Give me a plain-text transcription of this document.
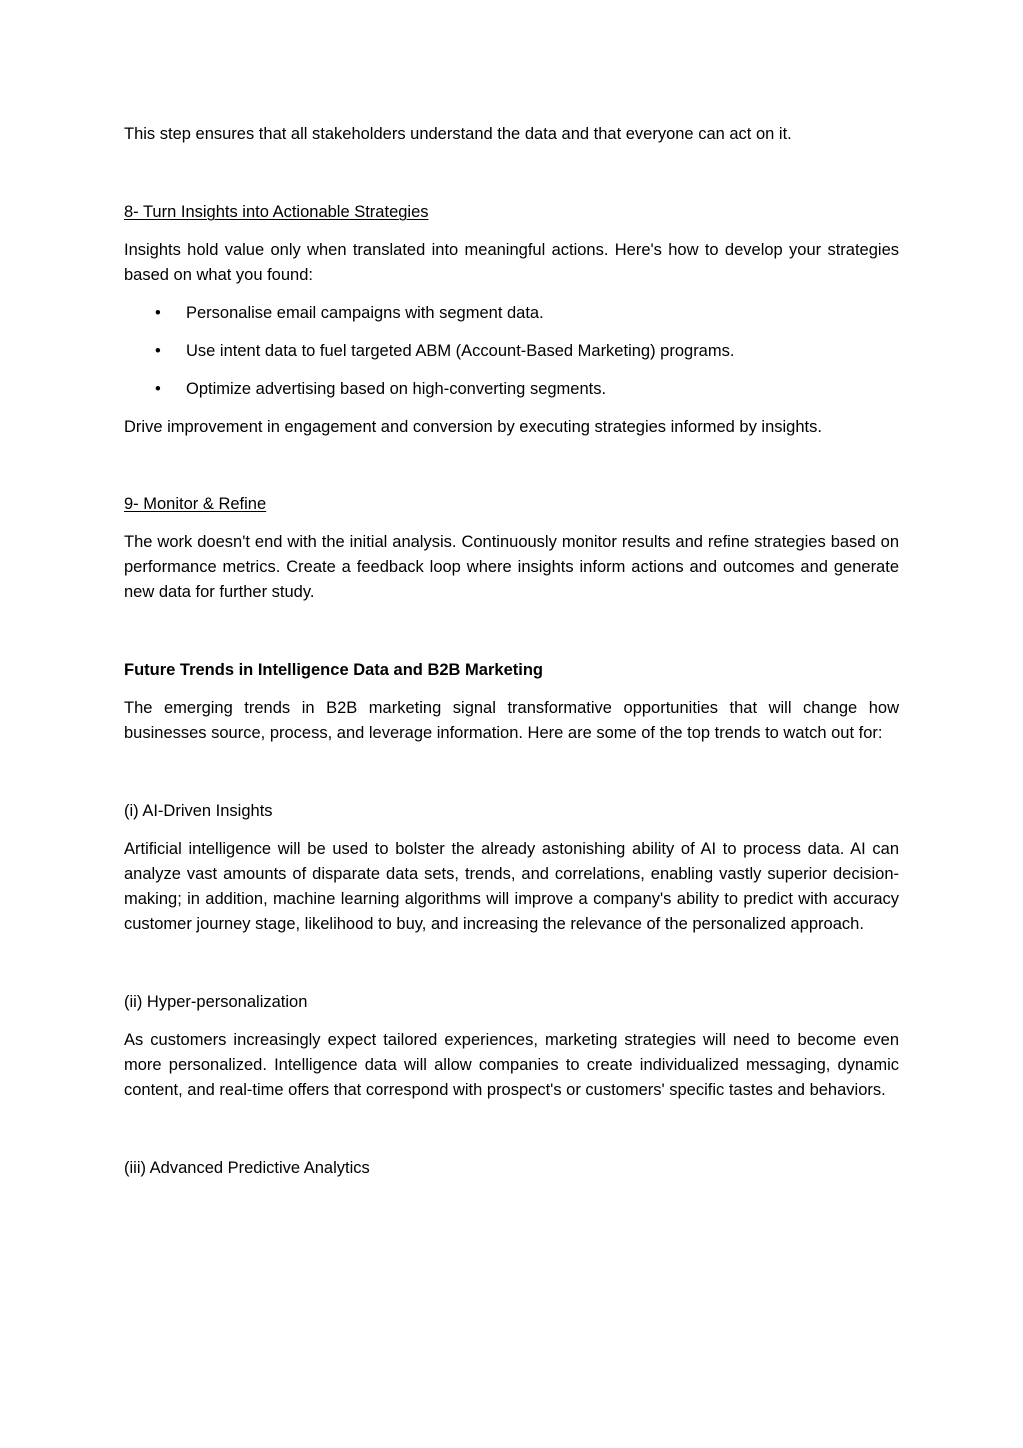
This step ensures that all stakeholders understand the data and that everyone can act on it.

8- Turn Insights into Actionable Strategies

Insights hold value only when translated into meaningful actions. Here's how to develop your strategies based on what you found:

• Personalise email campaigns with segment data.
• Use intent data to fuel targeted ABM (Account-Based Marketing) programs.
• Optimize advertising based on high-converting segments.

Drive improvement in engagement and conversion by executing strategies informed by insights.

9- Monitor & Refine

The work doesn't end with the initial analysis. Continuously monitor results and refine strategies based on performance metrics. Create a feedback loop where insights inform actions and outcomes and generate new data for further study.

Future Trends in Intelligence Data and B2B Marketing

The emerging trends in B2B marketing signal transformative opportunities that will change how businesses source, process, and leverage information. Here are some of the top trends to watch out for:

(i) AI-Driven Insights

Artificial intelligence will be used to bolster the already astonishing ability of AI to process data. AI can analyze vast amounts of disparate data sets, trends, and correlations, enabling vastly superior decision-making; in addition, machine learning algorithms will improve a company's ability to predict with accuracy customer journey stage, likelihood to buy, and increasing the relevance of the personalized approach.

(ii) Hyper-personalization

As customers increasingly expect tailored experiences, marketing strategies will need to become even more personalized. Intelligence data will allow companies to create individualized messaging, dynamic content, and real-time offers that correspond with prospect's or customers' specific tastes and behaviors.

(iii) Advanced Predictive Analytics
